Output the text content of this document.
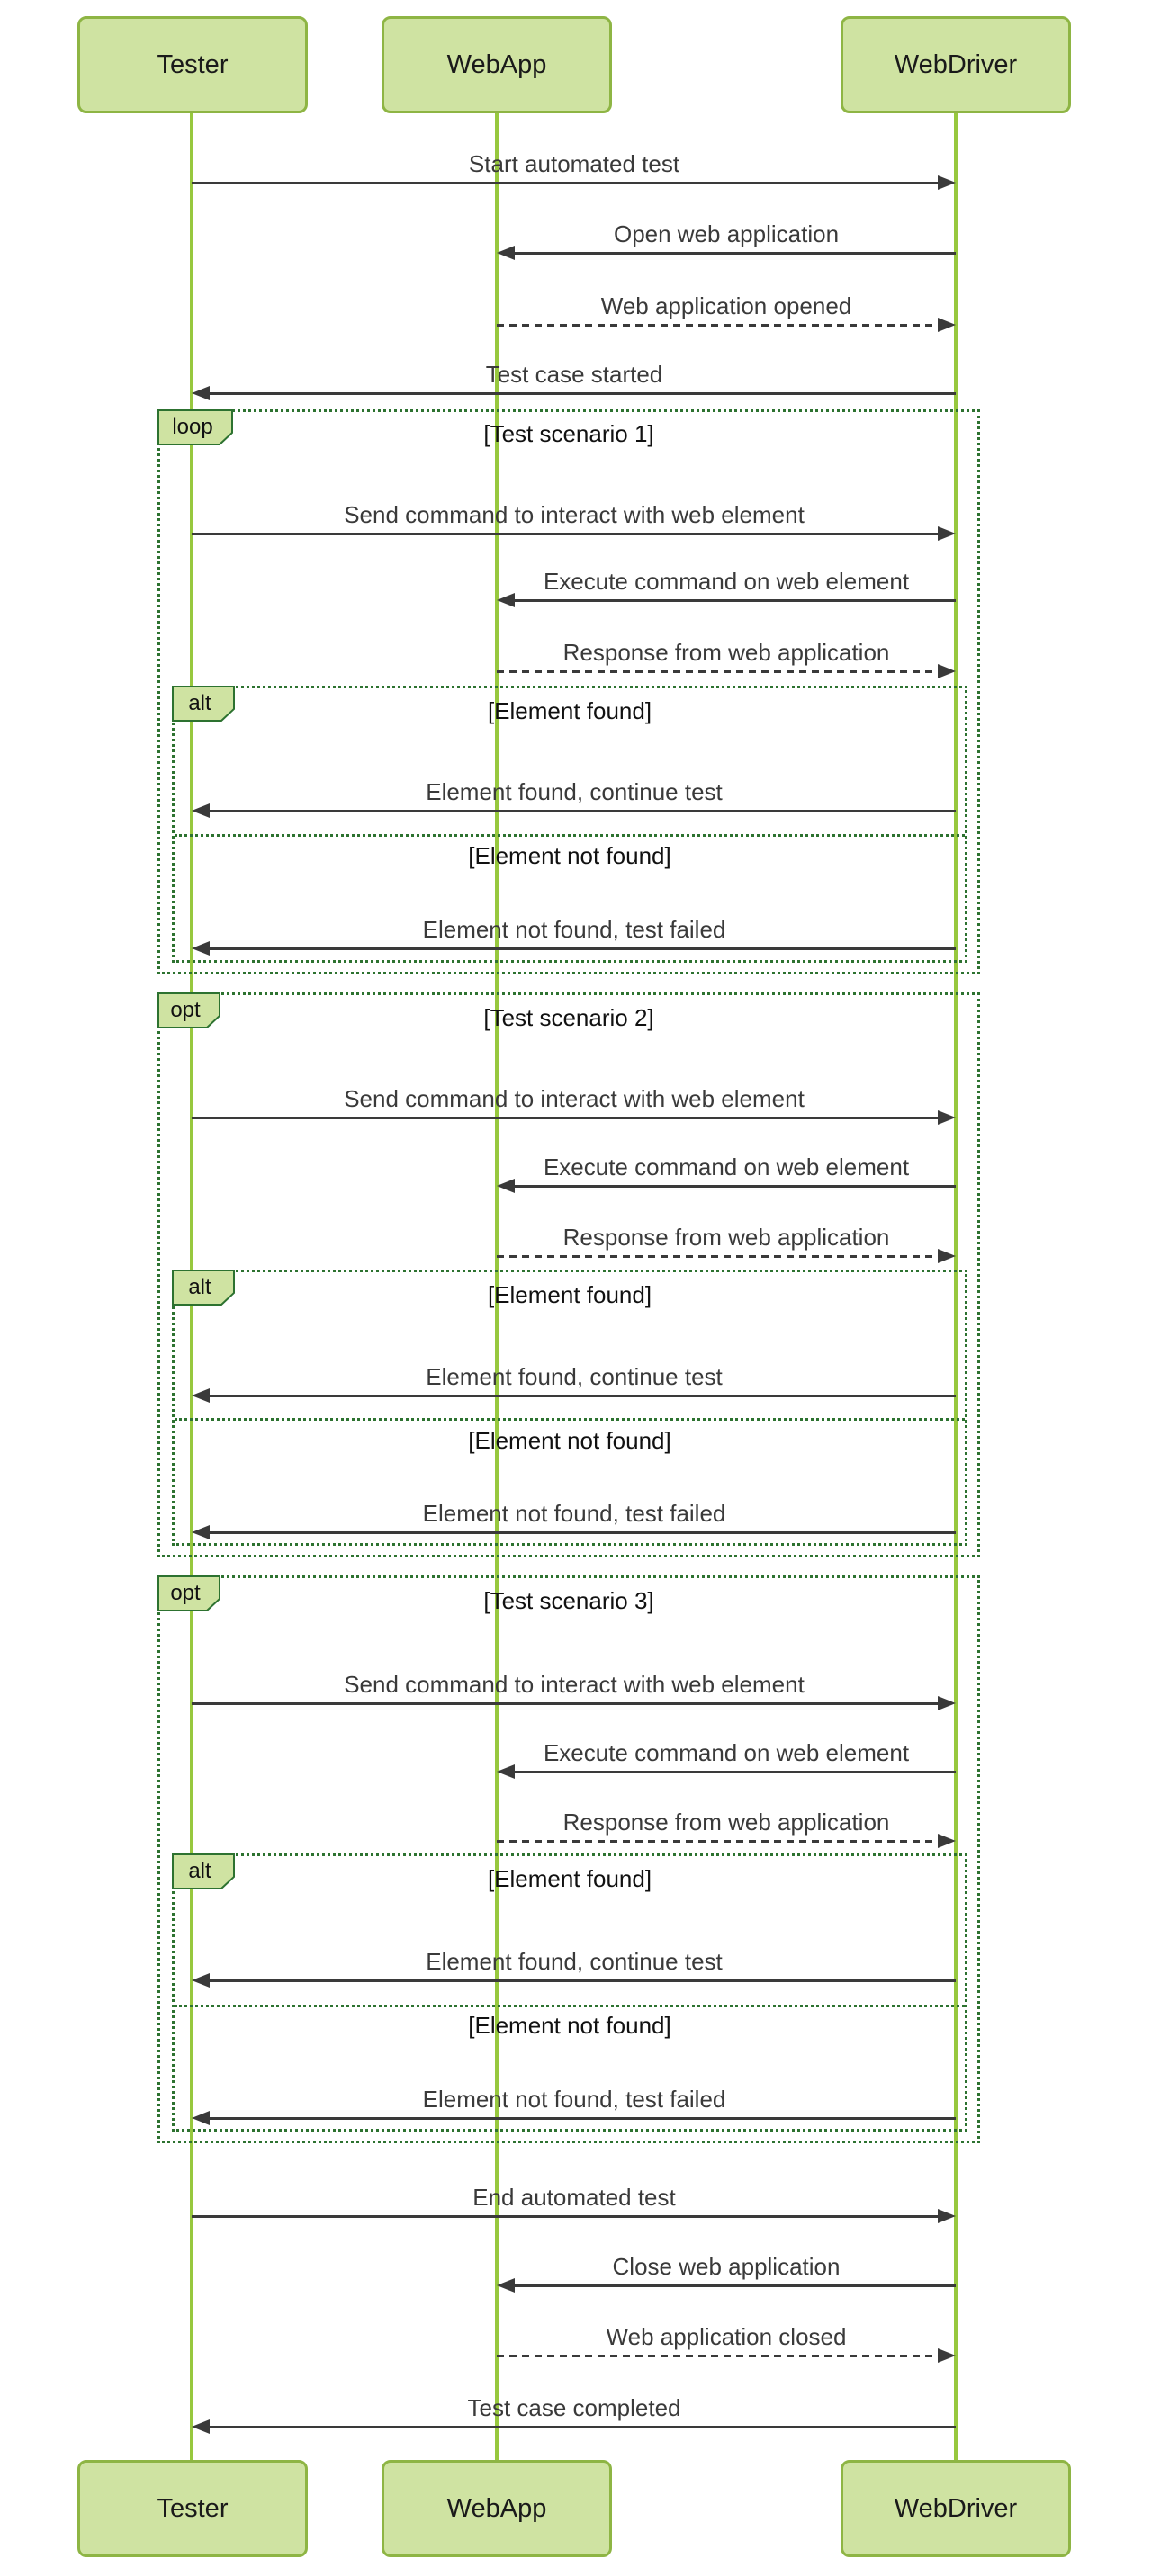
Tester	WebApp	WebDriver
Tester	WebApp	WebDriver
loop	[Test scenario 1]
alt	[Element found]
[Element not found]
opt	[Test scenario 2]
alt	[Element found]
[Element not found]
opt	[Test scenario 3]
alt	[Element found]
[Element not found]
Start automated test
Open web application
Web application opened
Test case started
Send command to interact with web element
Execute command on web element
Response from web application
Element found, continue test
Element not found, test failed
Send command to interact with web element
Execute command on web element
Response from web application
Element found, continue test
Element not found, test failed
Send command to interact with web element
Execute command on web element
Response from web application
Element found, continue test
Element not found, test failed
End automated test
Close web application
Web application closed
Test case completed
